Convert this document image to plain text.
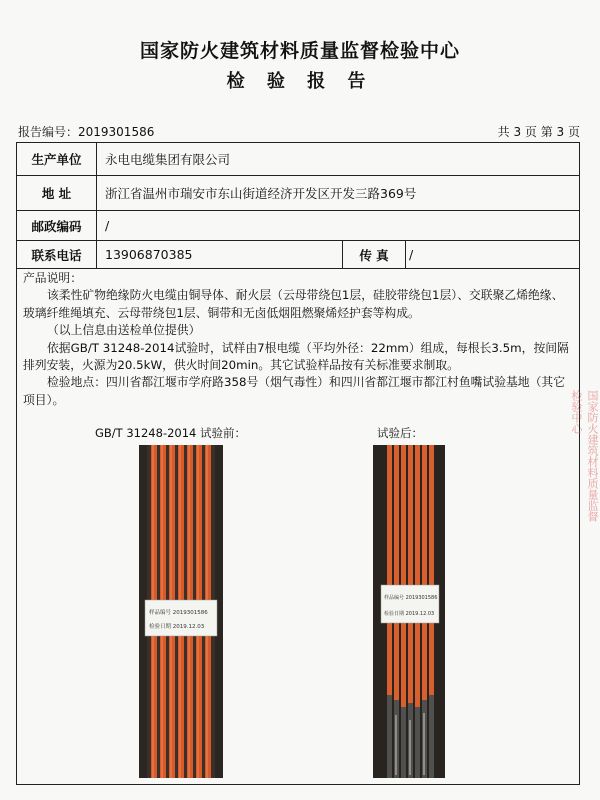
国家防火建筑材料质量监督检验中心
检 验 报 告
报告编号：2019301586	共 3 页 第 3 页
生产单位	永电电缆集团有限公司
地 址	浙江省温州市瑞安市东山街道经济开发区开发三路369号
邮政编码	/
联系电话	13906870385	传 真	/

产品说明：

该柔性矿物绝缘防火电缆由铜导体、耐火层（云母带绕包1层，硅胶带绕包1层）、交联聚乙烯绝缘、玻璃纤维绳填充、云母带绕包1层、铜带和无卤低烟阻燃聚烯烃护套等构成。

（以上信息由送检单位提供）

依据GB/T 31248-2014试验时，试样由7根电缆（平均外径：22mm）组成，每根长3.5m，按间隔排列安装，火源为20.5kW，供火时间20min。其它试验样品按有关标准要求制取。

检验地点：四川省都江堰市学府路358号（烟气毒性）和四川省都江堰市都江村鱼嘴试验基地（其它项目）。

GB/T 31248-2014 试验前：	试验后：
样品编号 2019301586
检验日期 2019.12.03
样品编号 2019301586
检验日期 2019.12.03
国家防火建筑材料质量监督检验中心
